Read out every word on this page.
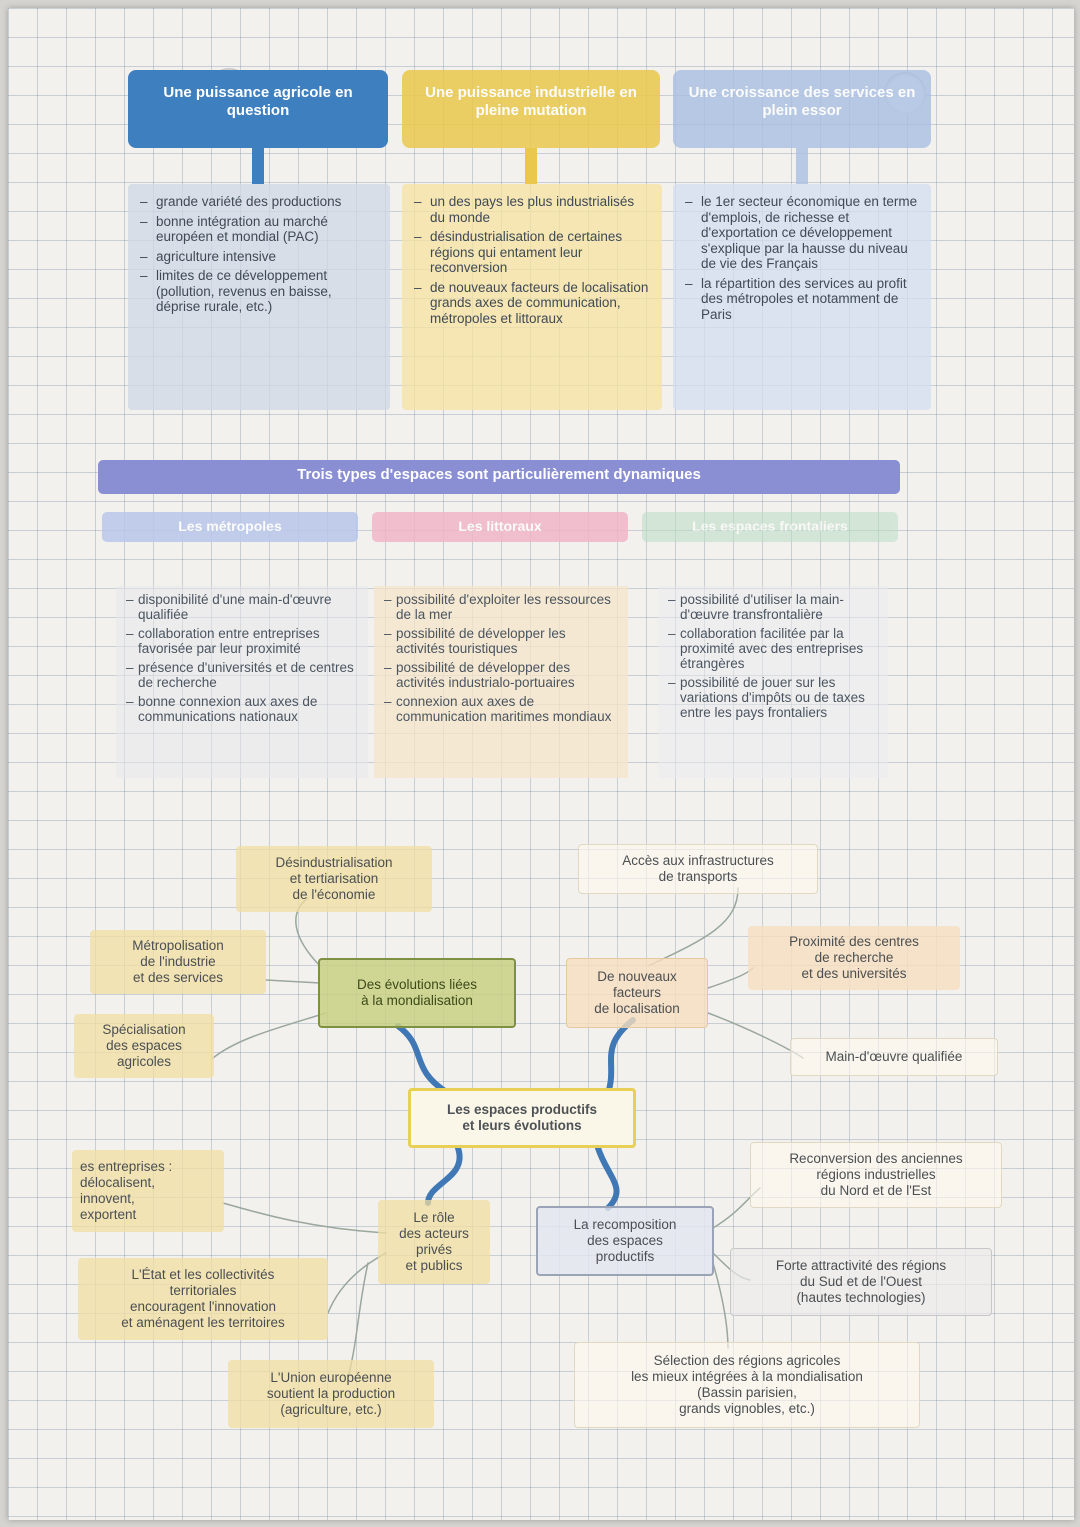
Une puissance agricole en question
Une puissance industrielle en pleine mutation
Une croissance des services en plein essor
– grande variété des productions
– bonne intégration au marché européen et mondial (PAC)
– agriculture intensive
– limites de ce développement (pollution, revenus en baisse, déprise rurale, etc.)
– un des pays les plus industrialisés du monde
– désindustrialisation de certaines régions qui entament leur reconversion
– de nouveaux facteurs de localisation grands axes de communication, métropoles et littoraux
– le 1er secteur économique en terme d'emplois, de richesse et d'exportation ce développement s'explique par la hausse du niveau de vie des Français
– la répartition des services au profit des métropoles et notamment de Paris
Trois types d'espaces sont particulièrement dynamiques
Les métropoles	Les littoraux	Les espaces frontaliers
– disponibilité d'une main-d'œuvre qualifiée
– collaboration entre entreprises favorisée par leur proximité
– présence d'universités et de centres de recherche
– bonne connexion aux axes de communications nationaux
– possibilité d'exploiter les ressources de la mer
– possibilité de développer les activités touristiques
– possibilité de développer des activités industrialo-portuaires
– connexion aux axes de communication maritimes mondiaux
– possibilité d'utiliser la main-d'œuvre transfrontalière
– collaboration facilitée par la proximité avec des entreprises étrangères
– possibilité de jouer sur les variations d'impôts ou de taxes entre les pays frontaliers
Les espaces productifs
et leurs évolutions
Des évolutions liées
à la mondialisation
De nouveaux
facteurs
de localisation
Le rôle
des acteurs
privés
et publics
La recomposition
des espaces
productifs
Désindustrialisation
et tertiarisation
de l'économie
Métropolisation
de l'industrie
et des services
Spécialisation
des espaces
agricoles
Accès aux infrastructures
de transports
Proximité des centres
de recherche
et des universités
Main-d'œuvre qualifiée
es entreprises :
délocalisent,
innovent,
exportent
L'État et les collectivités
territoriales
encouragent l'innovation
et aménagent les territoires
L'Union européenne
soutient la production
(agriculture, etc.)
Reconversion des anciennes
régions industrielles
du Nord et de l'Est
Forte attractivité des régions
du Sud et de l'Ouest
(hautes technologies)
Sélection des régions agricoles
les mieux intégrées à la mondialisation
(Bassin parisien,
grands vignobles, etc.)
